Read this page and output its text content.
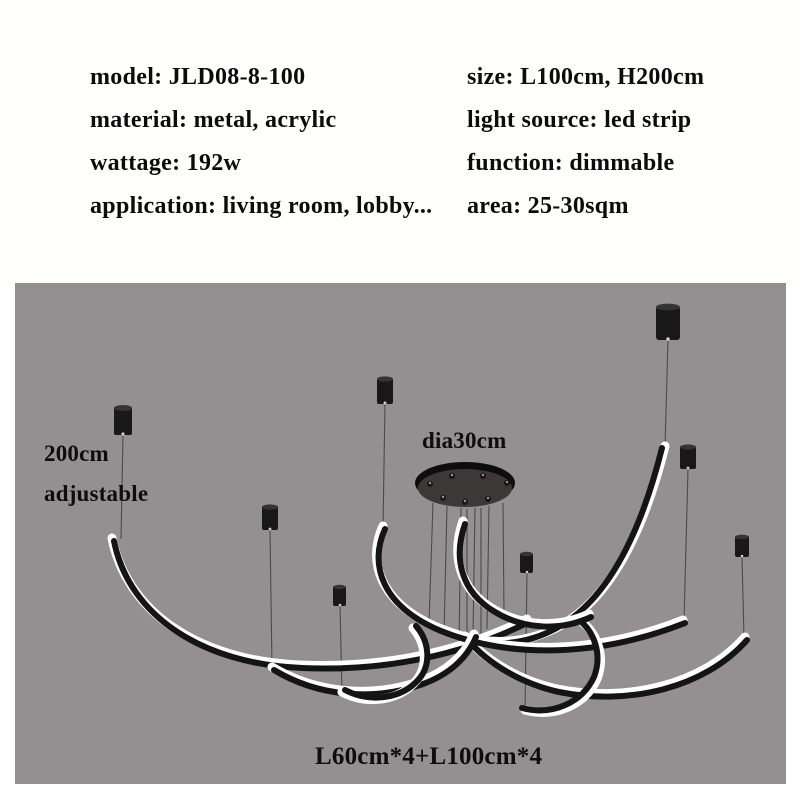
model: JLD08-8-100

material: metal, acrylic

wattage: 192w

application: living room, lobby...

size: L100cm, H200cm

light source: led strip

function: dimmable

area: 25-30sqm

200cm
adjustable
dia30cm
L60cm*4+L100cm*4
